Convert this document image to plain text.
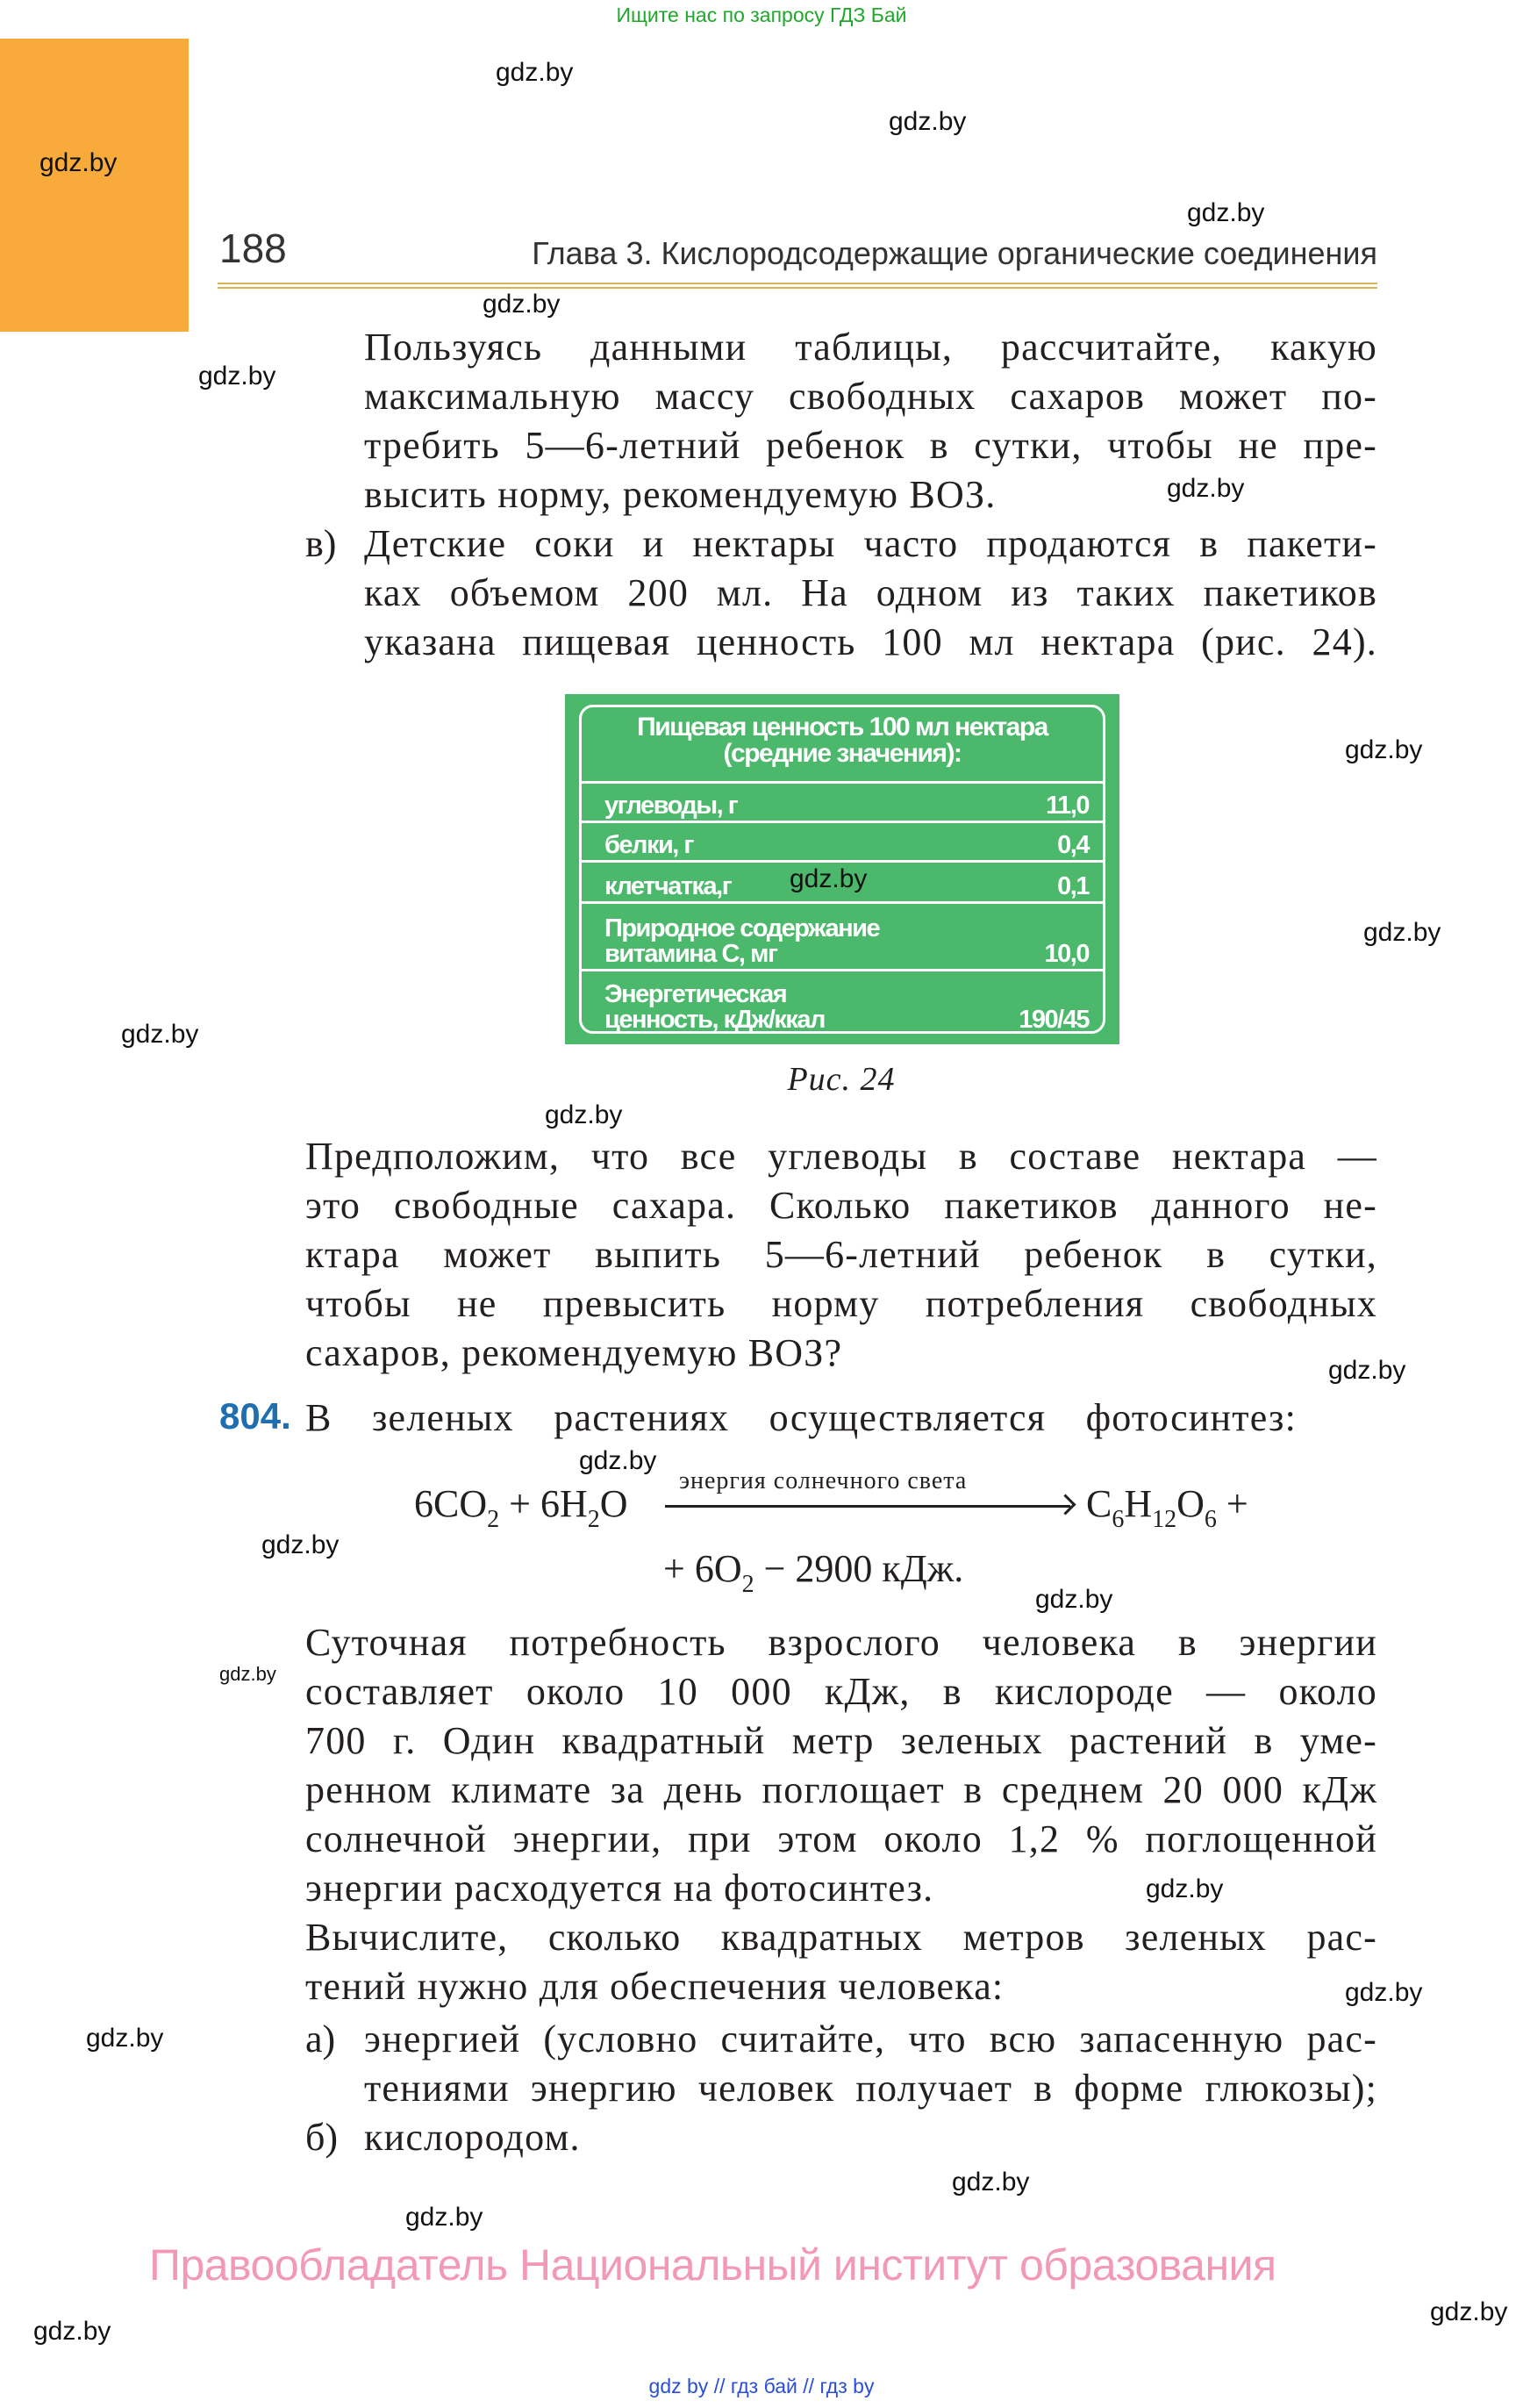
Ищите нас по запросу ГДЗ Бай
188	Глава 3. Кислородсодержащие органические соединения
Пользуясь данными таблицы, рассчитайте, какую
максимальную массу свободных сахаров может по-
требить 5—6-летний ребенок в сутки, чтобы не пре-
высить норму, рекомендуемую ВОЗ.
в) Детские соки и нектары часто продаются в пакети-
ках объемом 200 мл. На одном из таких пакетиков
указана пищевая ценность 100 мл нектара (рис. 24).
Пищевая ценность 100 мл нектара
(средние значения):
углеводы, г	11,0
белки, г	0,4
клетчатка,г	0,1
Природное содержание
витамина С, мг	10,0
Энергетическая
ценность, кДж/ккал	190/45
Рис. 24
Предположим, что все углеводы в составе нектара —
это свободные сахара. Сколько пакетиков данного не-
ктара может выпить 5—6-летний ребенок в сутки,
чтобы не превысить норму потребления свободных
сахаров, рекомендуемую ВОЗ?
804. В зеленых растениях осуществляется фотосинтез:
$6CO_2 + 6H_2O$
энергия солнечного света
$C_6H_{12}O_6$ +
+ $6O_2 - 2900$ кДж.
Суточная потребность взрослого человека в энергии
составляет около 10 000 кДж, в кислороде — около
700 г. Один квадратный метр зеленых растений в уме-
ренном климате за день поглощает в среднем 20 000 кДж
солнечной энергии, при этом около 1,2 % поглощенной
энергии расходуется на фотосинтез.
Вычислите, сколько квадратных метров зеленых рас-
тений нужно для обеспечения человека:
а) энергией (условно считайте, что всю запасенную рас-
тениями энергию человек получает в форме глюкозы);
б) кислородом.
Правообладатель Национальный институт образования
gdz.by
gdz.by
gdz.by
gdz.by
gdz.by
gdz.by
gdz.by
gdz.by
gdz.by
gdz.by
gdz.by
gdz.by
gdz.by
gdz.by
gdz.by
gdz.by
gdz.by
gdz.by
gdz.by
gdz.by
gdz.by
gdz.by
gdz.by
gdz.by
gdz by // гдз бай // гдз by
